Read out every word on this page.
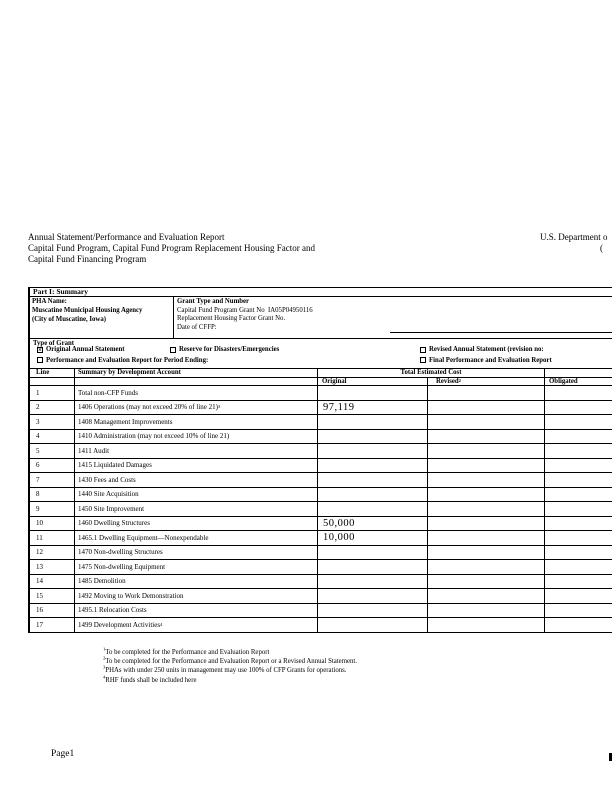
Annual Statement/Performance and Evaluation Report
Capital Fund Program, Capital Fund Program Replacement Housing Factor and
Capital Fund Financing Program
U.S. Department o
(
Part I: Summary
PHA Name:
Muscatine Municipal Housing Agency
(City of Muscatine, Iowa)
Grant Type and Number
Capital Fund Program Grant No  IA05P04950116
Replacement Housing Factor Grant No.
Date of CFFP:
Type of Grant
× Original Annual Statement	Reserve for Disasters/Emergencies	Revised Annual Statement (revision no:
Performance and Evaluation Report for Period Ending:	Final Performance and Evaluation Report
Line	Summary by Development Account	Total Estimated Cost
Original	Revised 2	Obligated
1	Total non-CFP Funds
2	1406 Operations (may not exceed 20% of line 21) 3	97,119
3	1408 Management Improvements
4	1410 Administration (may not exceed 10% of line 21)
5	1411 Audit
6	1415 Liquidated Damages
7	1430 Fees and Costs
8	1440 Site Acquisition
9	1450 Site Improvement
10	1460 Dwelling Structures	50,000
11	1465.1 Dwelling Equipment—Nonexpendable	10,000
12	1470 Non-dwelling Structures
13	1475 Non-dwelling Equipment
14	1485 Demolition
15	1492 Moving to Work Demonstration
16	1495.1 Relocation Costs
17	1499 Development Activities 4
$^1$To be completed for the Performance and Evaluation Report
$^2$To be completed for the Performance and Evaluation Report or a Revised Annual Statement.
$^3$PHAs with under 250 units in management may use 100% of CFP Grants for operations.
$^4$RHF funds shall be included here
Page1
